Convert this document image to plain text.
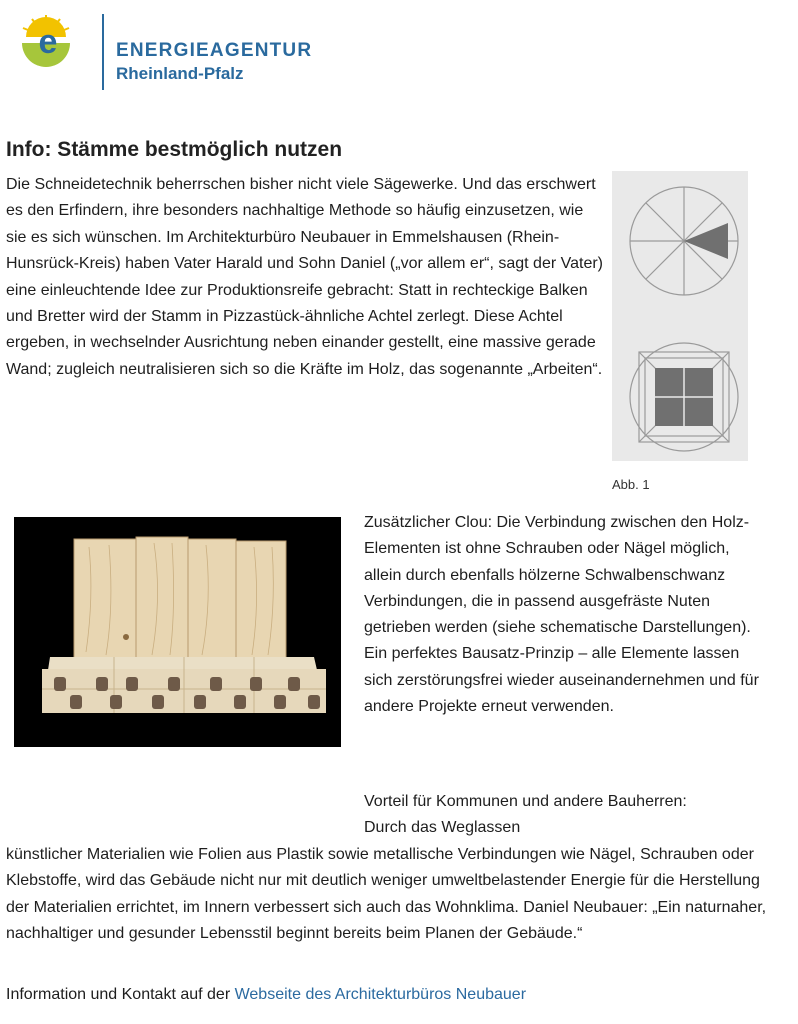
e	ENERGIEAGENTUR
Rheinland-Pfalz
Info: Stämme bestmöglich nutzen
Die Schneidetechnik beherrschen bisher nicht viele Sägewerke. Und das erschwert es den Erfindern, ihre besonders nachhaltige Methode so häufig einzusetzen, wie sie es sich wünschen. Im Architekturbüro Neubauer in Emmelshausen (Rhein-Hunsrück-Kreis) haben Vater Harald und Sohn Daniel („vor allem er“, sagt der Vater) eine einleuchtende Idee zur Produktionsreife gebracht: Statt in rechteckige Balken und Bretter wird der Stamm in Pizzastück-ähnliche Achtel zerlegt. Diese Achtel ergeben, in wechselnder Ausrichtung neben einander gestellt, eine massive gerade Wand; zugleich neutralisieren sich so die Kräfte im Holz, das sogenannte „Arbeiten“.
Abb. 1
Zusätzlicher Clou: Die Verbindung zwischen den Holz-Elementen ist ohne Schrauben oder Nägel möglich, allein durch ebenfalls hölzerne Schwalbenschwanz Verbindungen, die in passend ausgefräste Nuten getrieben werden (siehe schematische Darstellungen). Ein perfektes Bausatz-Prinzip – alle Elemente lassen sich zerstörungsfrei wieder auseinandernehmen und für andere Projekte erneut verwenden.
Vorteil für Kommunen und andere Bauherren: Durch das Weglassen
künstlicher Materialien wie Folien aus Plastik sowie metallische Verbindungen wie Nägel, Schrauben oder Klebstoffe, wird das Gebäude nicht nur mit deutlich weniger umweltbelastender Energie für die Herstellung der Materialien errichtet, im Innern verbessert sich auch das Wohnklima. Daniel Neubauer: „Ein naturnaher, nachhaltiger und gesunder Lebensstil beginnt bereits beim Planen der Gebäude.“
Information und Kontakt auf der Webseite des Architekturbüros Neubauer
